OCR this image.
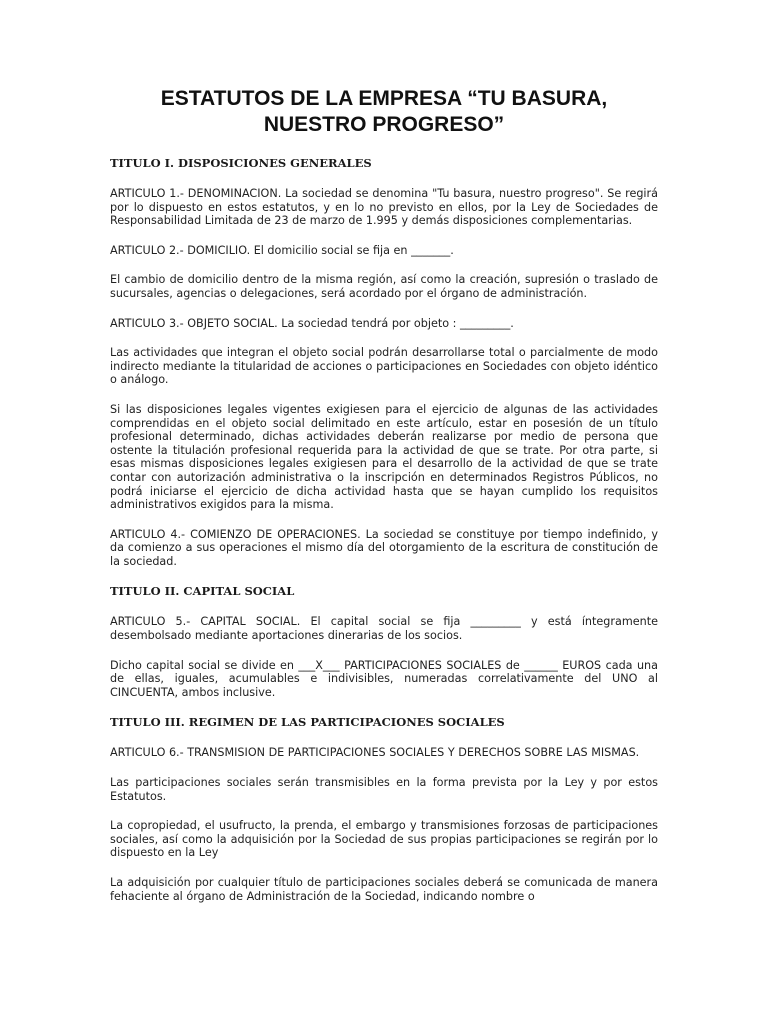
ESTATUTOS DE LA EMPRESA “TU BASURA, NUESTRO PROGRESO”
TITULO I. DISPOSICIONES GENERALES

ARTICULO 1.- DENOMINACION. La sociedad se denomina "Tu basura, nuestro progreso". Se regirá por lo dispuesto en estos estatutos, y en lo no previsto en ellos, por la Ley de Sociedades de Responsabilidad Limitada de 23 de marzo de 1.995 y demás disposiciones complementarias.

ARTICULO 2.- DOMICILIO. El domicilio social se fija en _______.

El cambio de domicilio dentro de la misma región, así como la creación, supresión o traslado de sucursales, agencias o delegaciones, será acordado por el órgano de administración.

ARTICULO 3.- OBJETO SOCIAL. La sociedad tendrá por objeto : _________.

Las actividades que integran el objeto social podrán desarrollarse total o parcialmente de modo indirecto mediante la titularidad de acciones o participaciones en Sociedades con objeto idéntico o análogo.

Si las disposiciones legales vigentes exigiesen para el ejercicio de algunas de las actividades comprendidas en el objeto social delimitado en este artículo, estar en posesión de un título profesional determinado, dichas actividades deberán realizarse por medio de persona que ostente la titulación profesional requerida para la actividad de que se trate. Por otra parte, si esas mismas disposiciones legales exigiesen para el desarrollo de la actividad de que se trate contar con autorización administrativa o la inscripción en determinados Registros Públicos, no podrá iniciarse el ejercicio de dicha actividad hasta que se hayan cumplido los requisitos administrativos exigidos para la misma.

ARTICULO 4.- COMIENZO DE OPERACIONES. La sociedad se constituye por tiempo indefinido, y da comienzo a sus operaciones el mismo día del otorgamiento de la escritura de constitución de la sociedad.

TITULO II. CAPITAL SOCIAL

ARTICULO 5.- CAPITAL SOCIAL. El capital social se fija _________ y está íntegramente desembolsado mediante aportaciones dinerarias de los socios.

Dicho capital social se divide en ___X___ PARTICIPACIONES SOCIALES de ______ EUROS cada una de ellas, iguales, acumulables e indivisibles, numeradas correlativamente del UNO al CINCUENTA, ambos inclusive.

TITULO III. REGIMEN DE LAS PARTICIPACIONES SOCIALES

ARTICULO 6.- TRANSMISION DE PARTICIPACIONES SOCIALES Y DERECHOS SOBRE LAS MISMAS.

Las participaciones sociales serán transmisibles en la forma prevista por la Ley y por estos Estatutos.

La copropiedad, el usufructo, la prenda, el embargo y transmisiones forzosas de participaciones sociales, así como la adquisición por la Sociedad de sus propias participaciones se regirán por lo dispuesto en la Ley

La adquisición por cualquier título de participaciones sociales deberá se comunicada de manera fehaciente al órgano de Administración de la Sociedad, indicando nombre o
